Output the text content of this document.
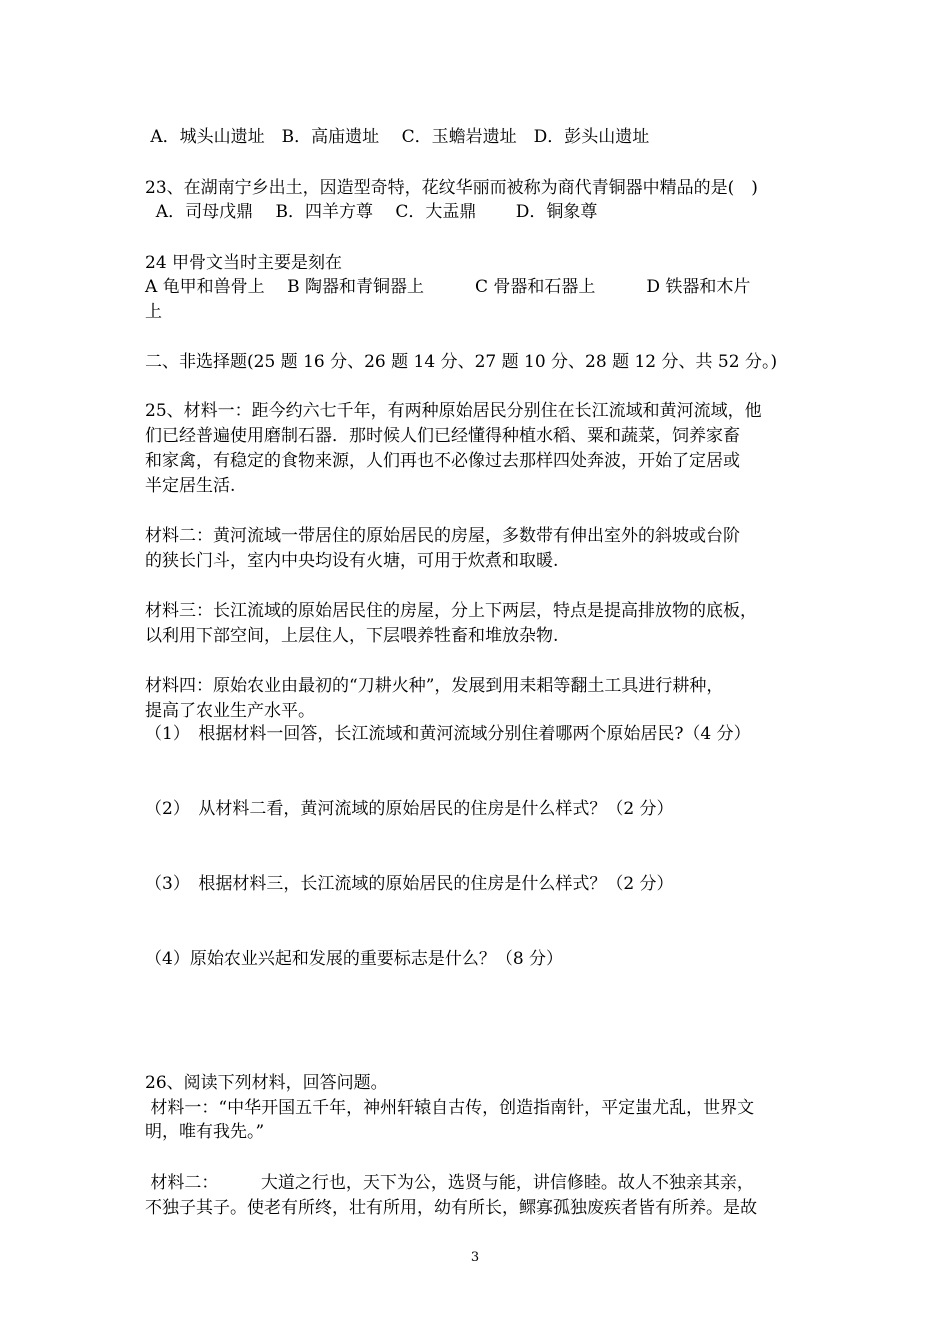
A．城头山遗址　B．高庙遗址　 C．玉蟾岩遗址　D．彭头山遗址
23、在湖南宁乡出土，因造型奇特，花纹华丽而被称为商代青铜器中精品的是(　)
A．司母戊鼎　 B．四羊方尊　 C．大盂鼎　　 D．铜象尊
24 甲骨文当时主要是刻在
A 龟甲和兽骨上　 B 陶器和青铜器上　　　C 骨器和石器上　　　D 铁器和木片
上
二、非选择题(25 题 16 分、26 题 14 分、27 题 10 分、28 题 12 分、共 52 分。)
25、材料一：距今约六七千年，有两种原始居民分别住在长江流域和黄河流域，他
们已经普遍使用磨制石器．那时候人们已经懂得种植水稻、粟和蔬菜，饲养家畜
和家禽，有稳定的食物来源，人们再也不必像过去那样四处奔波，开始了定居或
半定居生活.
材料二：黄河流域一带居住的原始居民的房屋，多数带有伸出室外的斜坡或台阶
的狭长门斗，室内中央均设有火塘，可用于炊煮和取暖.
材料三：长江流域的原始居民住的房屋，分上下两层，特点是提高排放物的底板，
以利用下部空间，上层住人，下层喂养牲畜和堆放杂物.
材料四：原始农业由最初的“刀耕火种”，发展到用耒耜等翻土工具进行耕种，
提高了农业生产水平。
（1）　根据材料一回答，长江流域和黄河流域分别住着哪两个原始居民?（4 分）
（2）　从材料二看，黄河流域的原始居民的住房是什么样式？（2 分）
（3）　根据材料三，长江流域的原始居民的住房是什么样式？（2 分）
（4）原始农业兴起和发展的重要标志是什么？（8 分）
26、阅读下列材料，回答问题。
材料一：“中华开国五千年，神州轩辕自古传，创造指南针，平定蚩尤乱，世界文
明，唯有我先。”
材料二：　　　大道之行也，天下为公，选贤与能，讲信修睦。故人不独亲其亲，
不独子其子。使老有所终，壮有所用，幼有所长，鳏寡孤独废疾者皆有所养。是故
3
